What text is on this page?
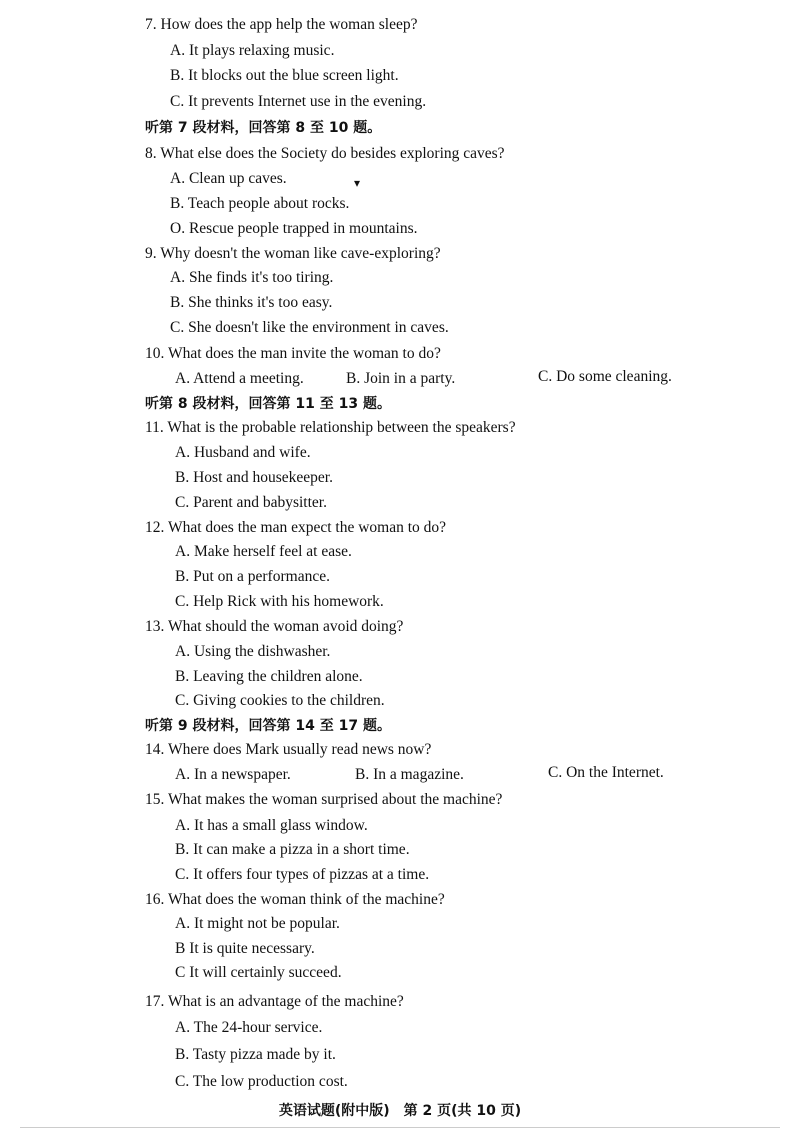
7. How does the app help the woman sleep?
A. It plays relaxing music.
B. It blocks out the blue screen light.
C. It prevents Internet use in the evening.
听第 7 段材料，回答第 8 至 10 题。
8. What else does the Society do besides exploring caves?
A. Clean up caves.	▾
B. Teach people about rocks.
O. Rescue people trapped in mountains.
9. Why doesn't the woman like cave-exploring?
A. She finds it's too tiring.
B. She thinks it's too easy.
C. She doesn't like the environment in caves.
10. What does the man invite the woman to do?
A. Attend a meeting.	B. Join in a party.	C. Do some cleaning.
听第 8 段材料，回答第 11 至 13 题。
11. What is the probable relationship between the speakers?
A. Husband and wife.
B. Host and housekeeper.
C. Parent and babysitter.
12. What does the man expect the woman to do?
A. Make herself feel at ease.
B. Put on a performance.
C. Help Rick with his homework.
13. What should the woman avoid doing?
A. Using the dishwasher.
B. Leaving the children alone.
C. Giving cookies to the children.
听第 9 段材料，回答第 14 至 17 题。
14. Where does Mark usually read news now?
A. In a newspaper.	B. In a magazine.	C. On the Internet.
15. What makes the woman surprised about the machine?
A. It has a small glass window.
B. It can make a pizza in a short time.
C. It offers four types of pizzas at a time.
16. What does the woman think of the machine?
A. It might not be popular.
B It is quite necessary.
C It will certainly succeed.
17. What is an advantage of the machine?
A. The 24-hour service.
B. Tasty pizza made by it.
C. The low production cost.
英语试题(附中版)　第 2 页(共 10 页)
